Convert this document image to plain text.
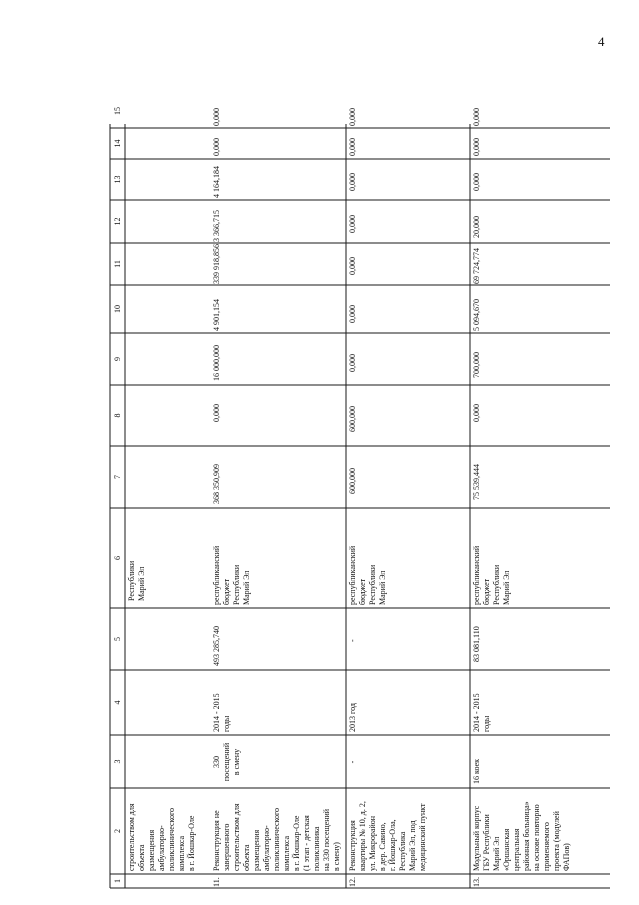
4
1
2
3
4
5
6
7
8
9
10
11
12
13
14
15
строительством для объекта размещения амбулаторно- поликлинического комплекса в г. Йошкар-Оле
Республики Марий Эл
11.
Реконструкция не завершенного строительством для объекта размещения амбулаторно- поликлинического комплекса в г. Йошкар-Оле (1 этап - детская поликлиника на 330 посещений в смену)
330 посещений в смену
2014 - 2015 годы
493 285,740
республиканский бюджет Республики Марий Эл
368 350,909
0,000
16 000,000
4 901,154
339 918,856
3 366,715
4 164,184
0,000
0,000
12.
Реконструкция квартиры № 10, д. 2, ул. Микрорайон в дер. Савино, г. Йошкар-Ола, Республика Марий Эл, под медицинский пункт
-
2013 год
-
республиканский бюджет Республики Марий Эл
600,000
600,000
0,000
0,000
0,000
0,000
0,000
0,000
0,000
13.
Модульный корпус ГБУ Республики Марий Эл «Оршанская центральная районная больница» на основе повторно применяемого проекта (модулей ФАПов)
16 коек
2014 - 2015 годы
83 081,110
республиканский бюджет Республики Марий Эл
75 539,444
0,000
700,000
5 094,670
69 724,774
20,000
0,000
0,000
0,000
